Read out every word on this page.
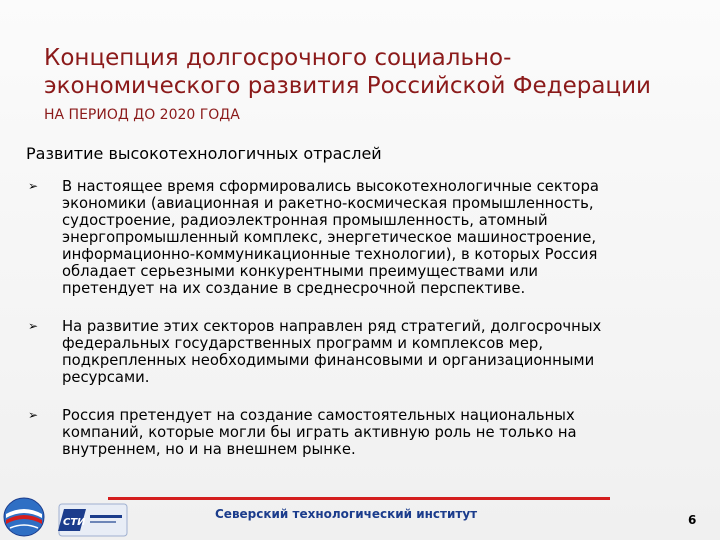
Концепция долгосрочного социально-экономического развития Российской Федерации
НА ПЕРИОД ДО 2020 ГОДА
Развитие высокотехнологичных отраслей
➢ В настоящее время сформировались высокотехнологичные сектора
экономики (авиационная и ракетно-космическая промышленность,
судостроение, радиоэлектронная промышленность, атомный
энергопромышленный комплекс, энергетическое машиностроение,
информационно-коммуникационные технологии), в которых Россия
обладает серьезными конкурентными преимуществами или
претендует на их создание в среднесрочной перспективе.
➢ На развитие этих секторов направлен ряд стратегий, долгосрочных
федеральных государственных программ и комплексов мер,
подкрепленных необходимыми финансовыми и организационными
ресурсами.
➢ Россия претендует на создание самостоятельных национальных
компаний, которые могли бы играть активную роль не только на
внутреннем, но и на внешнем рынке.
СТИ
Северский технологический институт	6
